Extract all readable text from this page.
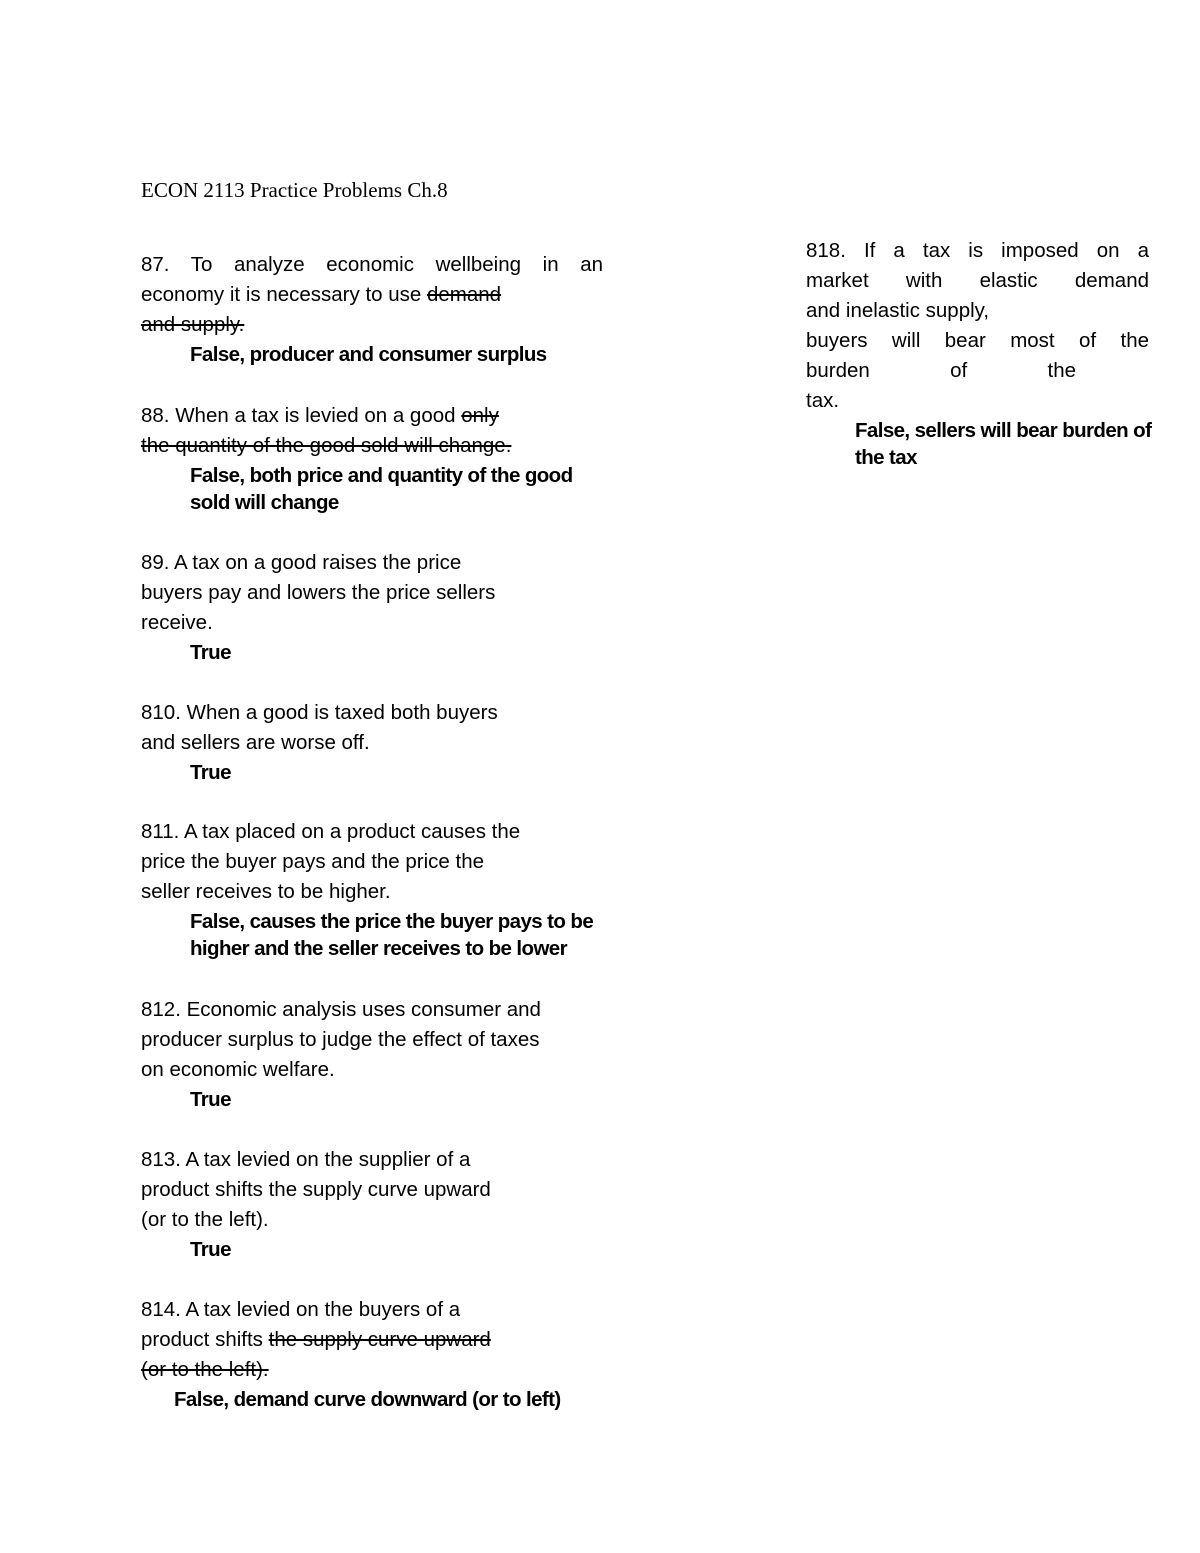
ECON 2113 Practice Problems Ch.8
87. To analyze economic wellbeing in an
economy it is necessary to use demand
and supply.
False, producer and consumer surplus
88. When a tax is levied on a good only
the quantity of the good sold will change.
False, both price and quantity of the good
sold will change
89. A tax on a good raises the price
buyers pay and lowers the price sellers
receive.
True
810. When a good is taxed both buyers
and sellers are worse off.
True
811. A tax placed on a product causes the
price the buyer pays and the price the
seller receives to be higher.
False, causes the price the buyer pays to be
higher and the seller receives to be lower
812. Economic analysis uses consumer and
producer surplus to judge the effect of taxes
on economic welfare.
True
813. A tax levied on the supplier of a
product shifts the supply curve upward
(or to the left).
True
814. A tax levied on the buyers of a
product shifts the supply curve upward
(or to the left).
False, demand curve downward (or to left)
818. If a tax is imposed on a
market with elastic demand
and inelastic supply,
buyers will bear most of the
burden of the
tax.
False, sellers will bear burden of
the tax
